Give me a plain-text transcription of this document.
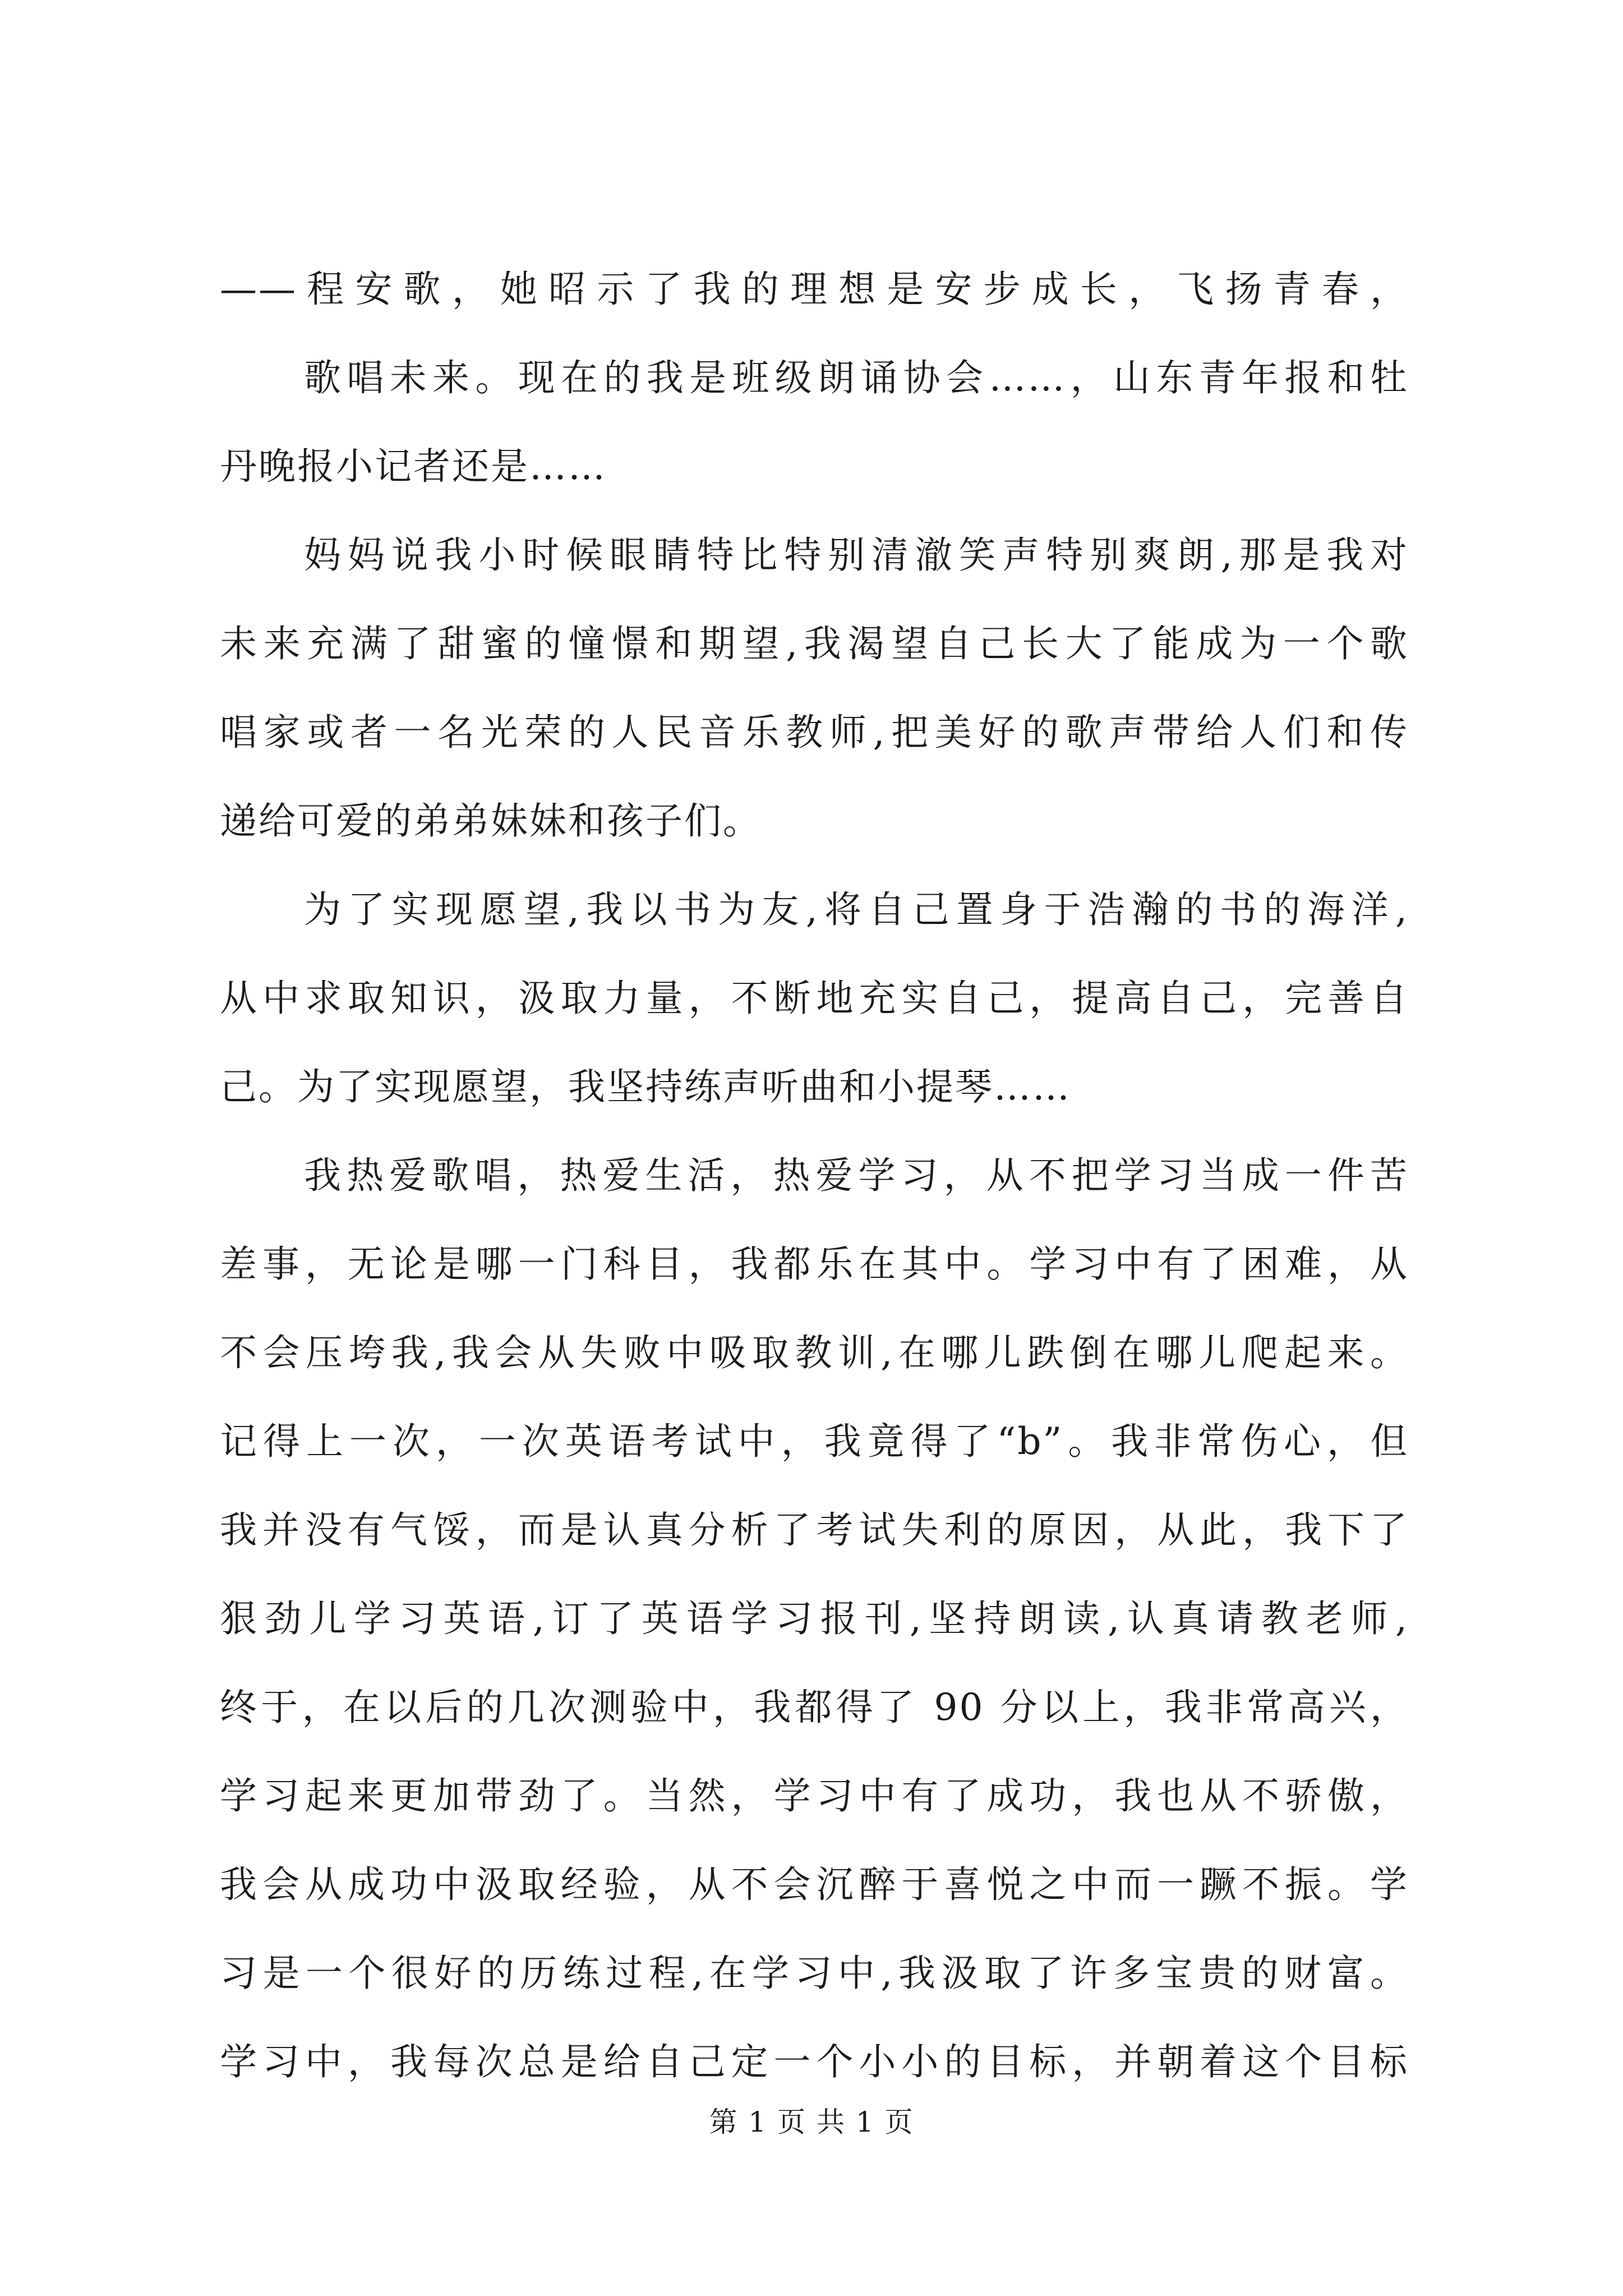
——程安歌，她昭示了我的理想是安步成长，飞扬青春，
歌唱未来。现在的我是班级朗诵协会……，山东青年报和牡
丹晚报小记者还是……
妈妈说我小时候眼睛特比特别清澈笑声特别爽朗,那是我对
未来充满了甜蜜的憧憬和期望,我渴望自己长大了能成为一个歌
唱家或者一名光荣的人民音乐教师,把美好的歌声带给人们和传
递给可爱的弟弟妹妹和孩子们。
为了实现愿望,我以书为友,将自己置身于浩瀚的书的海洋,
从中求取知识，汲取力量，不断地充实自己，提高自己，完善自
己。为了实现愿望，我坚持练声听曲和小提琴……
我热爱歌唱，热爱生活，热爱学习，从不把学习当成一件苦
差事，无论是哪一门科目，我都乐在其中。学习中有了困难，从
不会压垮我,我会从失败中吸取教训,在哪儿跌倒在哪儿爬起来。
记得上一次，一次英语考试中，我竟得了“b”。我非常伤心，但
我并没有气馁，而是认真分析了考试失利的原因，从此，我下了
狠劲儿学习英语,订了英语学习报刊,坚持朗读,认真请教老师,
终于，在以后的几次测验中，我都得了 90 分以上，我非常高兴，
学习起来更加带劲了。当然，学习中有了成功，我也从不骄傲，
我会从成功中汲取经验，从不会沉醉于喜悦之中而一蹶不振。学
习是一个很好的历练过程,在学习中,我汲取了许多宝贵的财富。
学习中，我每次总是给自己定一个小小的目标，并朝着这个目标
第 1 页 共 1 页
